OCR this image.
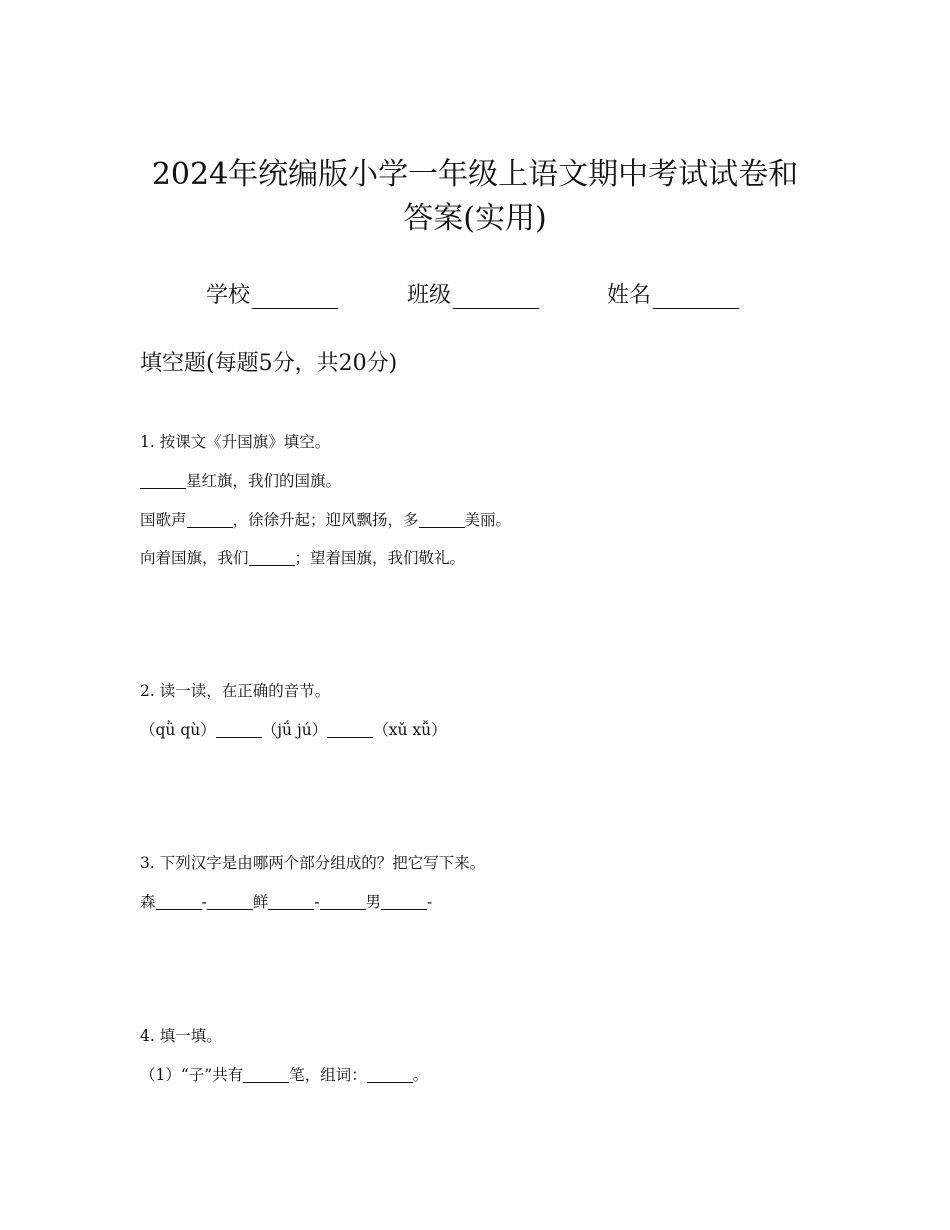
2024年统编版小学一年级上语文期中考试试卷和
答案(实用)
学校	班级	姓名
填空题(每题5分，共20分)
1. 按课文《升国旗》填空。
星红旗，我们的国旗。
国歌声	，徐徐升起；迎风飘扬，多	美丽。
向着国旗，我们	；望着国旗，我们敬礼。
2. 读一读，在正确的音节。
（qǜ qù）	（jǘ jú）	（xǔ xǚ）
3. 下列汉字是由哪两个部分组成的？把它写下来。
森	-	鲜	-	男	-
4. 填一填。
（1）“子”共有	笔，组词：	。
